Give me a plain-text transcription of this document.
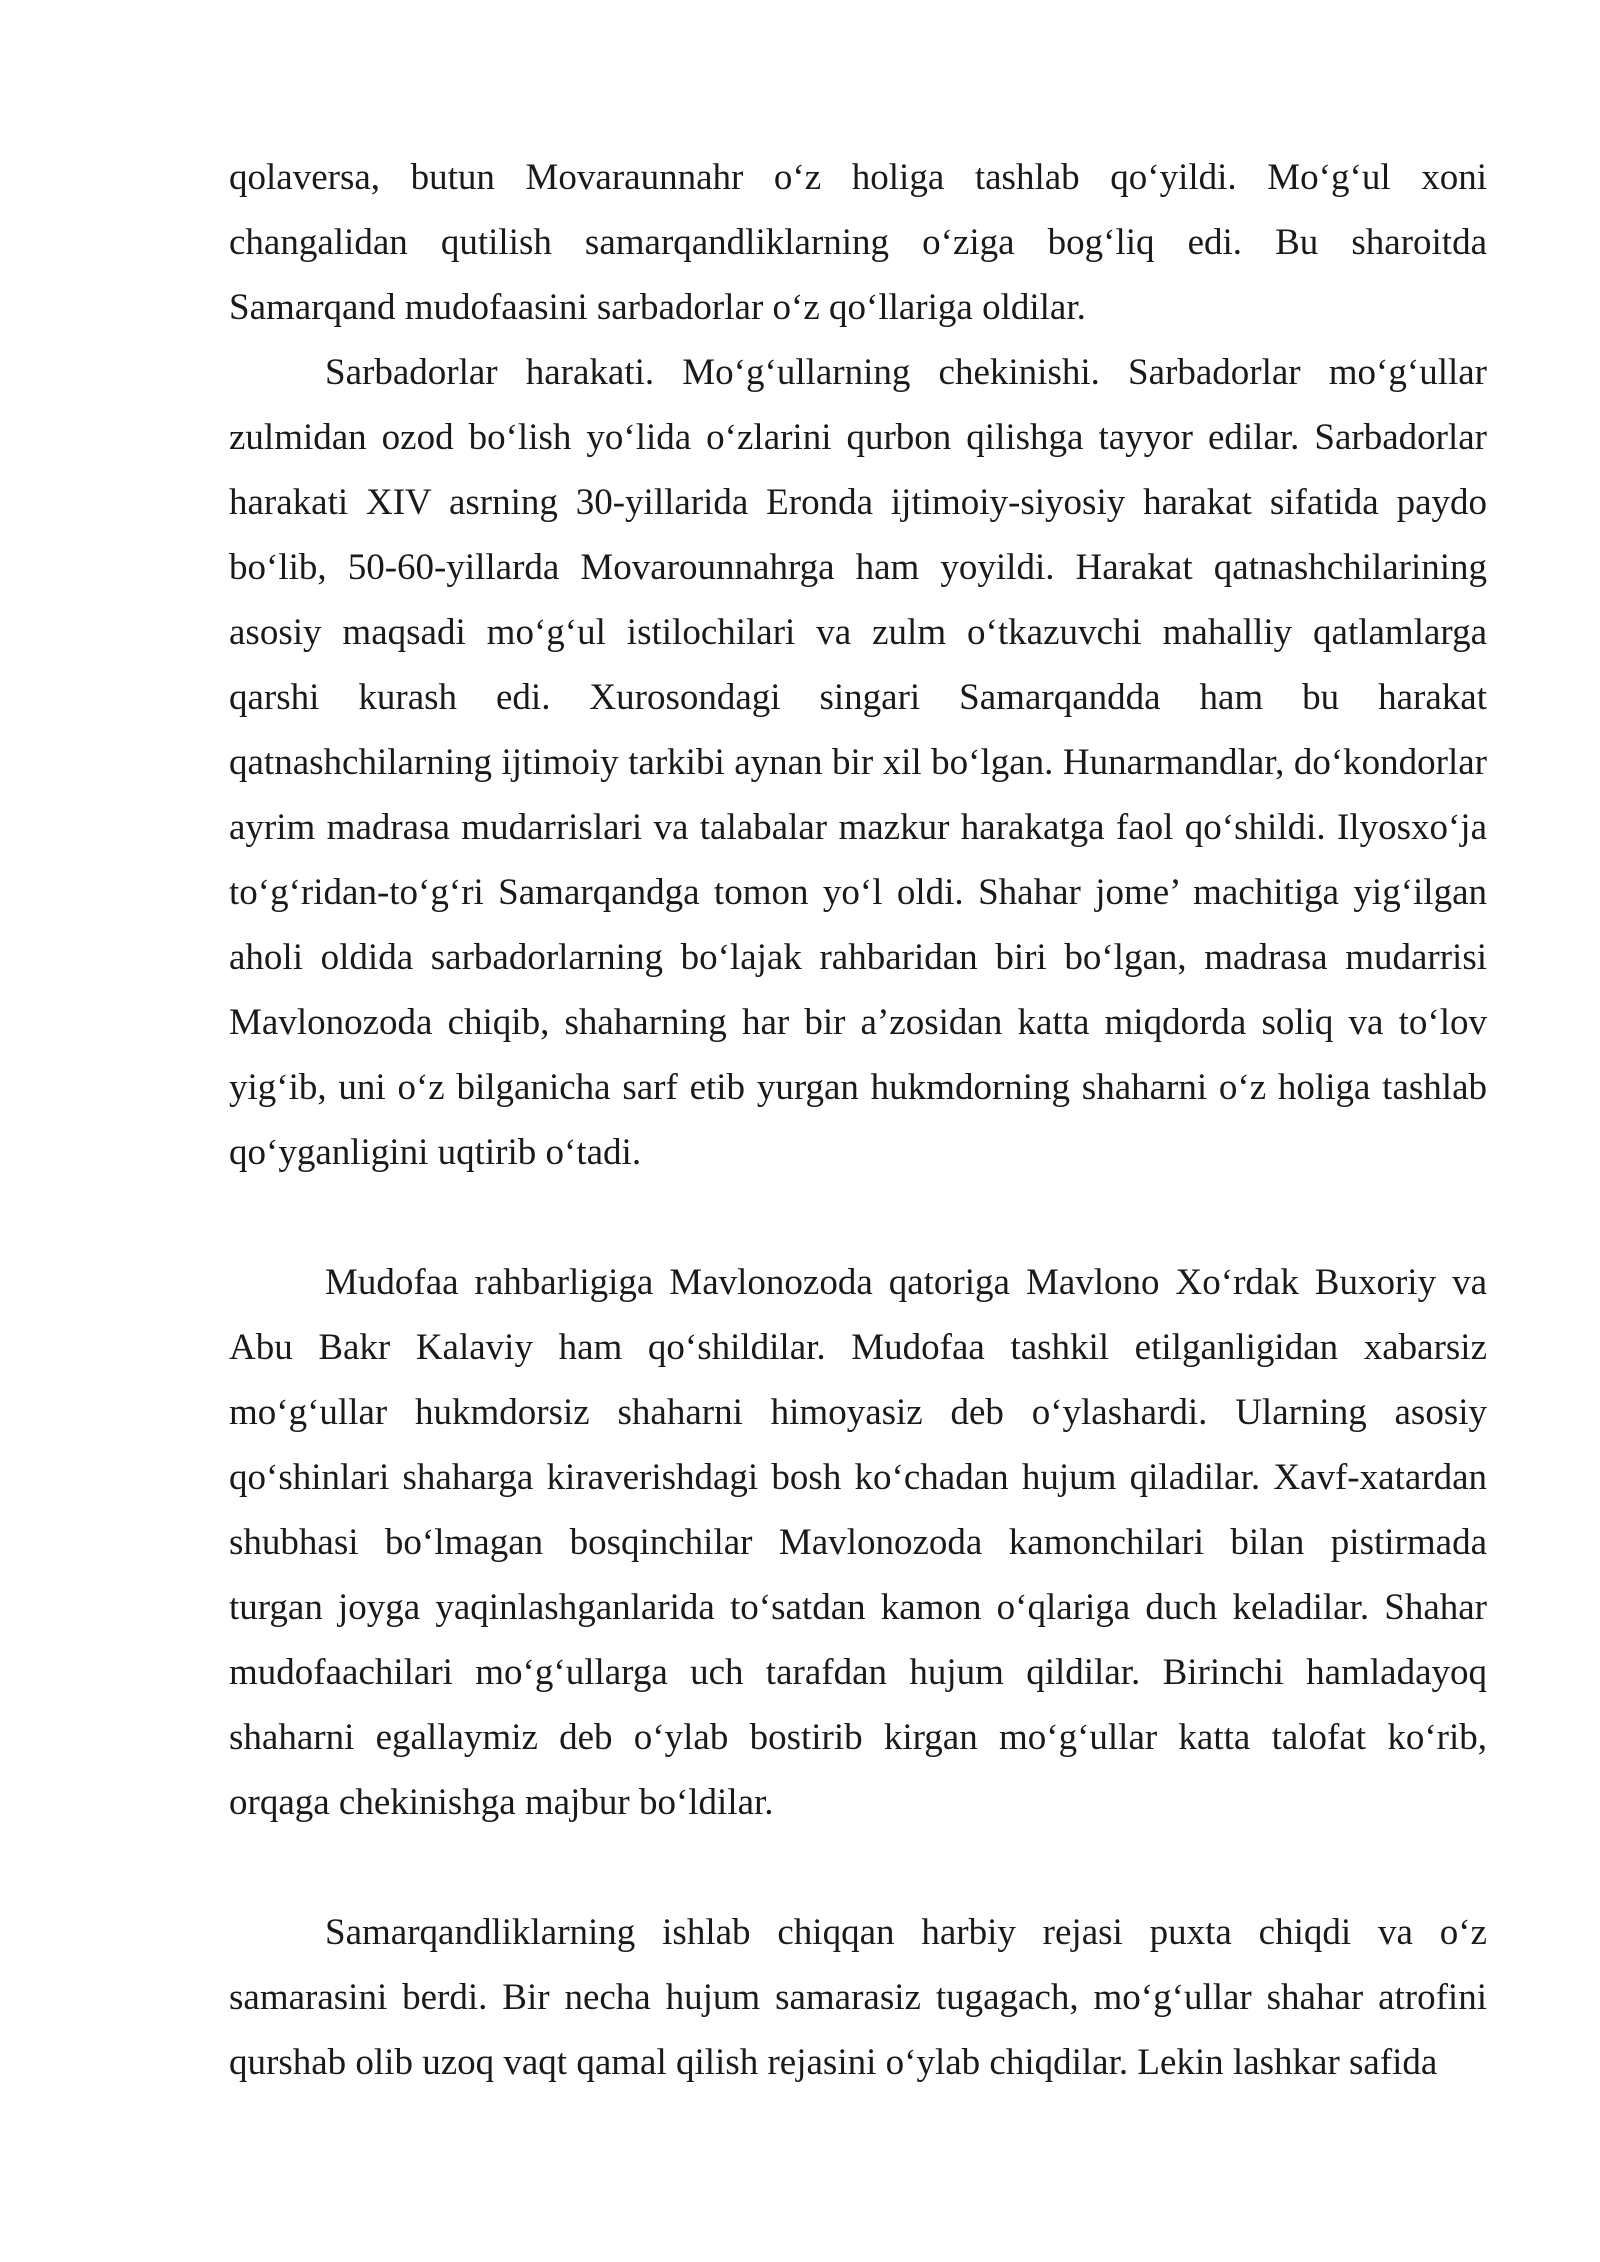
qolaversa, butun Movaraunnahr o‘z holiga tashlab qo‘yildi. Mo‘g‘ul xoni changalidan qutilish samarqandliklarning o‘ziga bog‘liq edi. Bu sharoitda Samarqand mudofaasini sarbadorlar o‘z qo‘llariga oldilar.

Sarbadorlar harakati. Mo‘g‘ullarning chekinishi. Sarbadorlar mo‘g‘ullar zulmidan ozod bo‘lish yo‘lida o‘zlarini qurbon qilishga tayyor edilar. Sarbadorlar harakati XIV asrning 30-yillarida Eronda ijtimoiy-siyosiy harakat sifatida paydo bo‘lib, 50-60-yillarda Movarounnahrga ham yoyildi. Harakat qatnashchilarining asosiy maqsadi mo‘g‘ul istilochilari va zulm o‘tkazuvchi mahalliy qatlamlarga qarshi kurash edi. Xurosondagi singari Samarqandda ham bu harakat qatnashchilarning ijtimoiy tarkibi aynan bir xil bo‘lgan. Hunarmandlar, do‘kondorlar ayrim madrasa mudarrislari va talabalar mazkur harakatga faol qo‘shildi. Ilyosxo‘ja to‘g‘ridan-to‘g‘ri Samarqandga tomon yo‘l oldi. Shahar jome’ machitiga yig‘ilgan aholi oldida sarbadorlarning bo‘lajak rahbaridan biri bo‘lgan, madrasa mudarrisi Mavlonozoda chiqib, shaharning har bir a’zosidan katta miqdorda soliq va to‘lov yig‘ib, uni o‘z bilganicha sarf etib yurgan hukmdorning shaharni o‘z holiga tashlab qo‘yganligini uqtirib o‘tadi.

Mudofaa rahbarligiga Mavlonozoda qatoriga Mavlono Xo‘rdak Buxoriy va Abu Bakr Kalaviy ham qo‘shildilar. Mudofaa tashkil etilganligidan xabarsiz mo‘g‘ullar hukmdorsiz shaharni himoyasiz deb o‘ylashardi. Ularning asosiy qo‘shinlari shaharga kiraverishdagi bosh ko‘chadan hujum qiladilar. Xavf-xatardan shubhasi bo‘lmagan bosqinchilar Mavlonozoda kamonchilari bilan pistirmada turgan joyga yaqinlashganlarida to‘satdan kamon o‘qlariga duch keladilar. Shahar mudofaachilari mo‘g‘ullarga uch tarafdan hujum qildilar. Birinchi hamladayoq shaharni egallaymiz deb o‘ylab bostirib kirgan mo‘g‘ullar katta talofat ko‘rib, orqaga chekinishga majbur bo‘ldilar.

Samarqandliklarning ishlab chiqqan harbiy rejasi puxta chiqdi va o‘z samarasini berdi. Bir necha hujum samarasiz tugagach, mo‘g‘ullar shahar atrofini qurshab olib uzoq vaqt qamal qilish rejasini o‘ylab chiqdilar. Lekin lashkar safida
